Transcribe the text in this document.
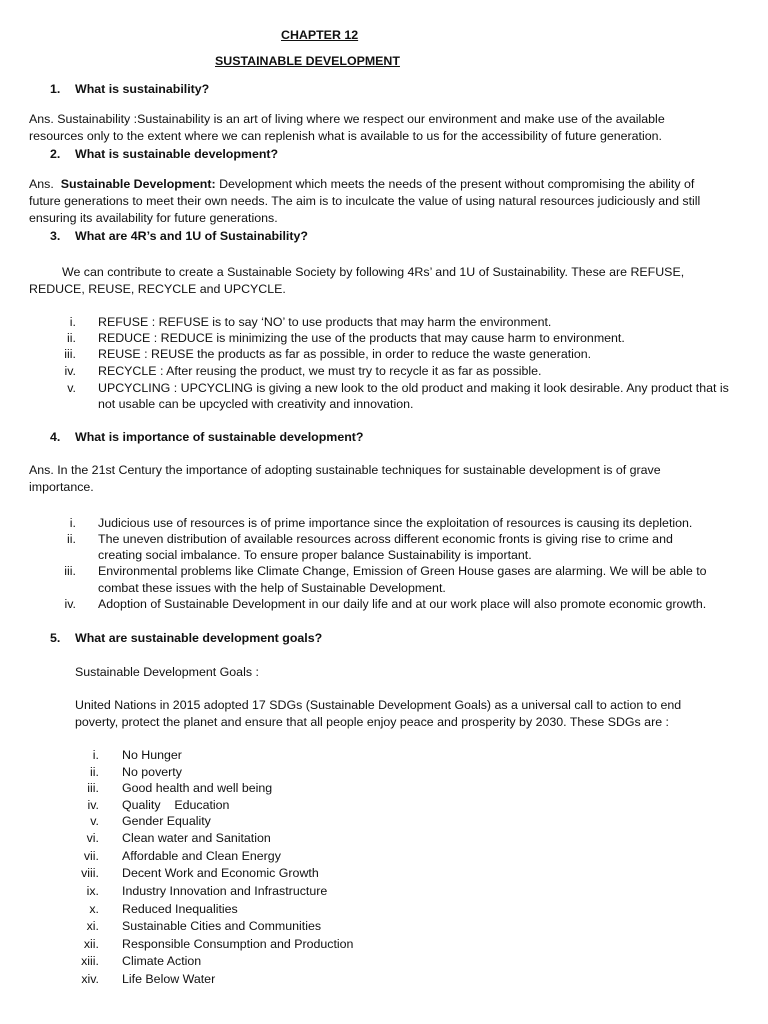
CHAPTER 12
SUSTAINABLE DEVELOPMENT
1. What is sustainability?
Ans. Sustainability :Sustainability is an art of living where we respect our environment and make use of the available
resources only to the extent where we can replenish what is available to us for the accessibility of future generation.
2. What is sustainable development?
Ans. Sustainable Development: Development which meets the needs of the present without compromising the ability of
future generations to meet their own needs. The aim is to inculcate the value of using natural resources judiciously and still
ensuring its availability for future generations.
3. What are 4R’s and 1U of Sustainability?
We can contribute to create a Sustainable Society by following 4Rs’ and 1U of Sustainability. These are REFUSE,
REDUCE, REUSE, RECYCLE and UPCYCLE.
i. REFUSE : REFUSE is to say ‘NO’ to use products that may harm the environment.
ii. REDUCE : REDUCE is minimizing the use of the products that may cause harm to environment.
iii. REUSE : REUSE the products as far as possible, in order to reduce the waste generation.
iv. RECYCLE : After reusing the product, we must try to recycle it as far as possible.
v. UPCYCLING : UPCYCLING is giving a new look to the old product and making it look desirable. Any product that is
not usable can be upcycled with creativity and innovation.
4. What is importance of sustainable development?
Ans. In the 21st Century the importance of adopting sustainable techniques for sustainable development is of grave
importance.
i. Judicious use of resources is of prime importance since the exploitation of resources is causing its depletion.
ii. The uneven distribution of available resources across different economic fronts is giving rise to crime and
creating social imbalance. To ensure proper balance Sustainability is important.
iii. Environmental problems like Climate Change, Emission of Green House gases are alarming. We will be able to
combat these issues with the help of Sustainable Development.
iv. Adoption of Sustainable Development in our daily life and at our work place will also promote economic growth.
5. What are sustainable development goals?
Sustainable Development Goals :
United Nations in 2015 adopted 17 SDGs (Sustainable Development Goals) as a universal call to action to end
poverty, protect the planet and ensure that all people enjoy peace and prosperity by 2030. These SDGs are :
i. No Hunger
ii. No poverty
iii. Good health and well being
iv. Quality    Education
v. Gender Equality
vi. Clean water and Sanitation
vii. Affordable and Clean Energy
viii. Decent Work and Economic Growth
ix. Industry Innovation and Infrastructure
x. Reduced Inequalities
xi. Sustainable Cities and Communities
xii. Responsible Consumption and Production
xiii. Climate Action
xiv. Life Below Water
